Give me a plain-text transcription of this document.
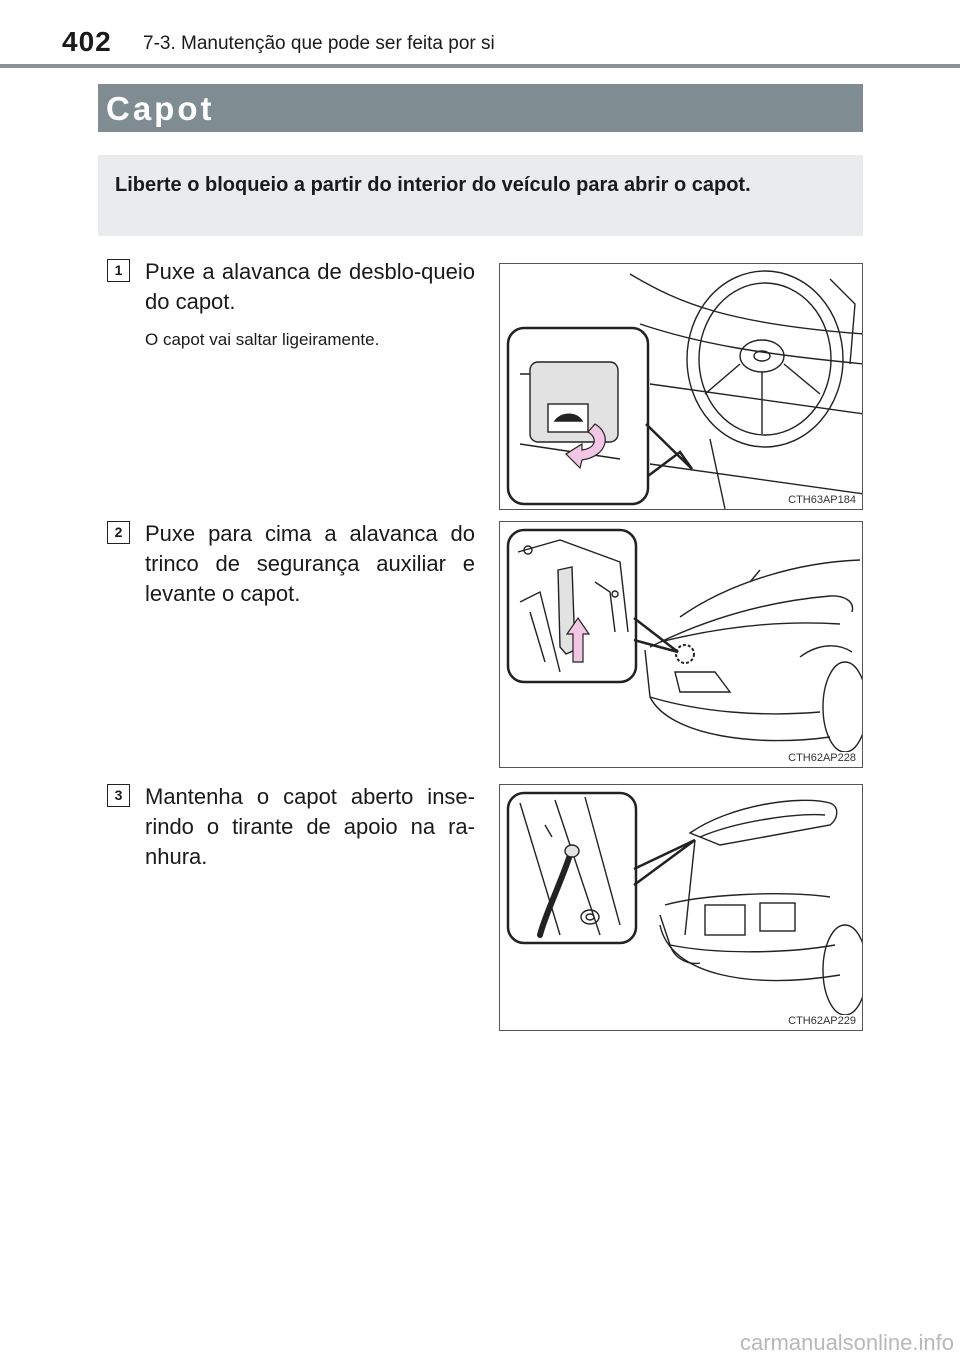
402 7-3. Manutenção que pode ser feita por si
Capot

Liberte o bloqueio a partir do interior do veículo para abrir o capot.

1	Puxe a alavanca de desblo-queio do capot.

O capot vai saltar ligeiramente.

CTH63AP184
2	Puxe para cima a alavanca do trinco de segurança auxiliar e levante o capot.

CTH62AP228
3	Mantenha o capot aberto inse-rindo o tirante de apoio na ra-nhura.

CTH62AP229
carmanualsonline.info
